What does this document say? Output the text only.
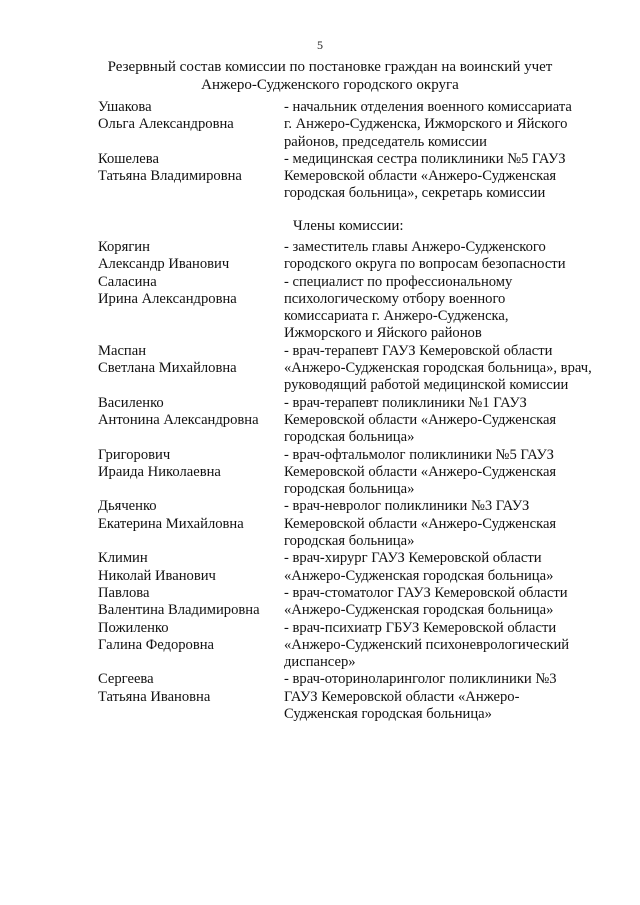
5
Резервный состав комиссии по постановке граждан на воинский учет
Анжеро-Судженского городского округа
Ушакова	- начальник отделения военного комиссариата
Ольга Александровна	г. Анжеро-Судженска, Ижморского и Яйского
районов, председатель комиссии
Кошелева	- медицинская сестра поликлиники №5 ГАУЗ
Татьяна Владимировна	Кемеровской области «Анжеро-Судженская
городская больница», секретарь комиссии
Члены комиссии:
Корягин	- заместитель главы Анжеро-Судженского
Александр Иванович	городского округа по вопросам безопасности
Саласина	- специалист по профессиональному
Ирина Александровна	психологическому отбору военного
комиссариата г. Анжеро-Судженска,
Ижморского и Яйского районов
Маспан	- врач-терапевт ГАУЗ Кемеровской области
Светлана Михайловна	«Анжеро-Судженская городская больница», врач,
руководящий работой медицинской комиссии
Василенко	- врач-терапевт поликлиники №1 ГАУЗ
Антонина Александровна	Кемеровской области «Анжеро-Судженская
городская больница»
Григорович	- врач-офтальмолог поликлиники №5 ГАУЗ
Ираида Николаевна	Кемеровской области «Анжеро-Судженская
городская больница»
Дьяченко	- врач-невролог поликлиники №3 ГАУЗ
Екатерина Михайловна	Кемеровской области «Анжеро-Судженская
городская больница»
Климин	- врач-хирург ГАУЗ Кемеровской области
Николай Иванович	«Анжеро-Судженская городская больница»
Павлова	- врач-стоматолог ГАУЗ Кемеровской области
Валентина Владимировна	«Анжеро-Судженская городская больница»
Пожиленко	- врач-психиатр ГБУЗ Кемеровской области
Галина Федоровна	«Анжеро-Судженский психоневрологический
диспансер»
Сергеева	- врач-оториноларинголог поликлиники №3
Татьяна Ивановна	ГАУЗ Кемеровской области «Анжеро-
Судженская городская больница»
